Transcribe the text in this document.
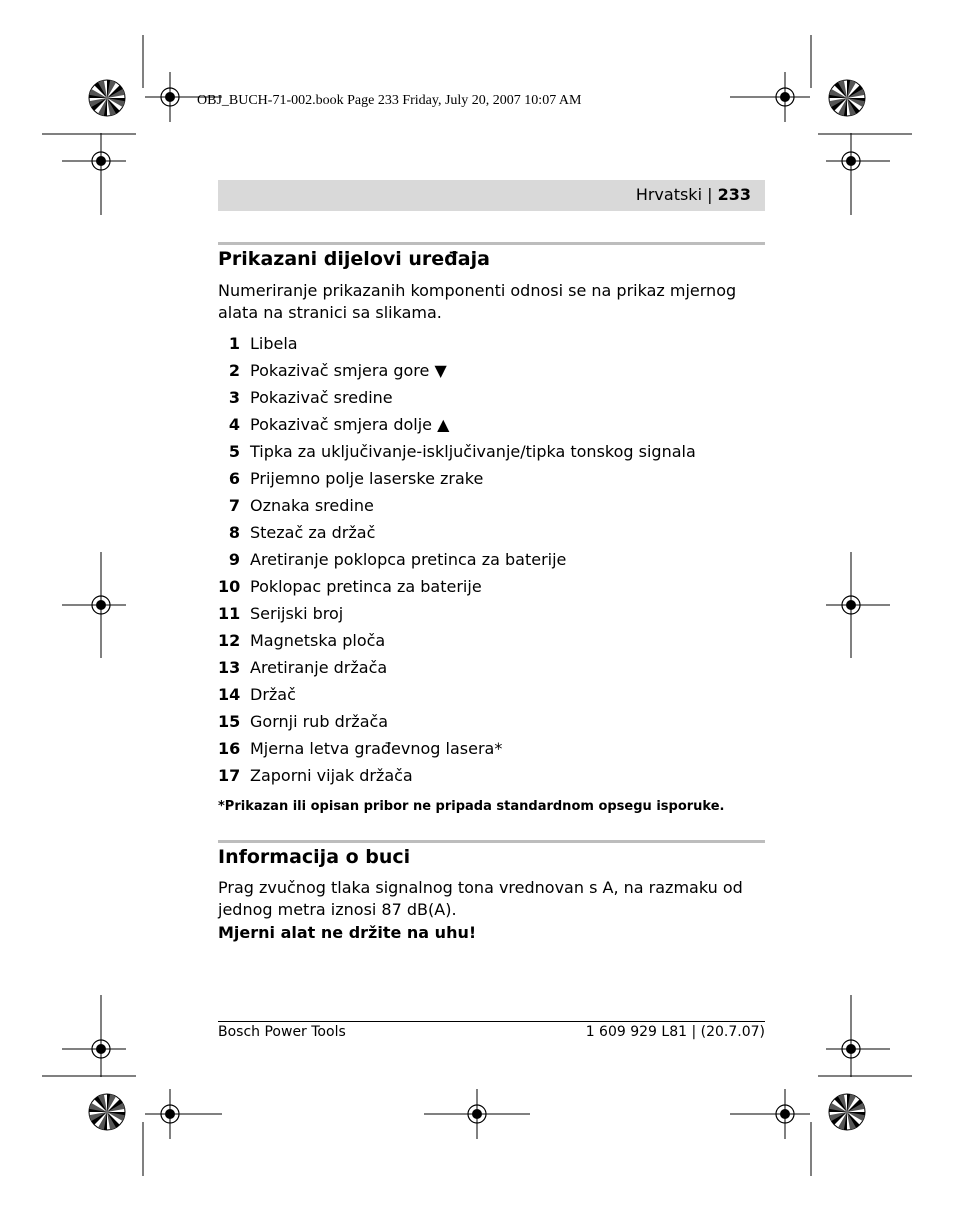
OBJ_BUCH-71-002.book Page 233 Friday, July 20, 2007 10:07 AM
Hrvatski | 233
Prikazani dijelovi uređaja
Numeriranje prikazanih komponenti odnosi se na prikaz mjernog alata na stranici sa slikama.
1 Libela
2 Pokazivač smjera gore ▼
3 Pokazivač sredine
4 Pokazivač smjera dolje ▲
5 Tipka za uključivanje-isključivanje/tipka tonskog signala
6 Prijemno polje laserske zrake
7 Oznaka sredine
8 Stezač za držač
9 Aretiranje poklopca pretinca za baterije
10 Poklopac pretinca za baterije
11 Serijski broj
12 Magnetska ploča
13 Aretiranje držača
14 Držač
15 Gornji rub držača
16 Mjerna letva građevnog lasera*
17 Zaporni vijak držača
*Prikazan ili opisan pribor ne pripada standardnom opsegu isporuke.
Informacija o buci
Prag zvučnog tlaka signalnog tona vrednovan s A, na razmaku od jednog metra iznosi 87 dB(A).
Mjerni alat ne držite na uhu!
Bosch Power Tools	1 609 929 L81 | (20.7.07)
